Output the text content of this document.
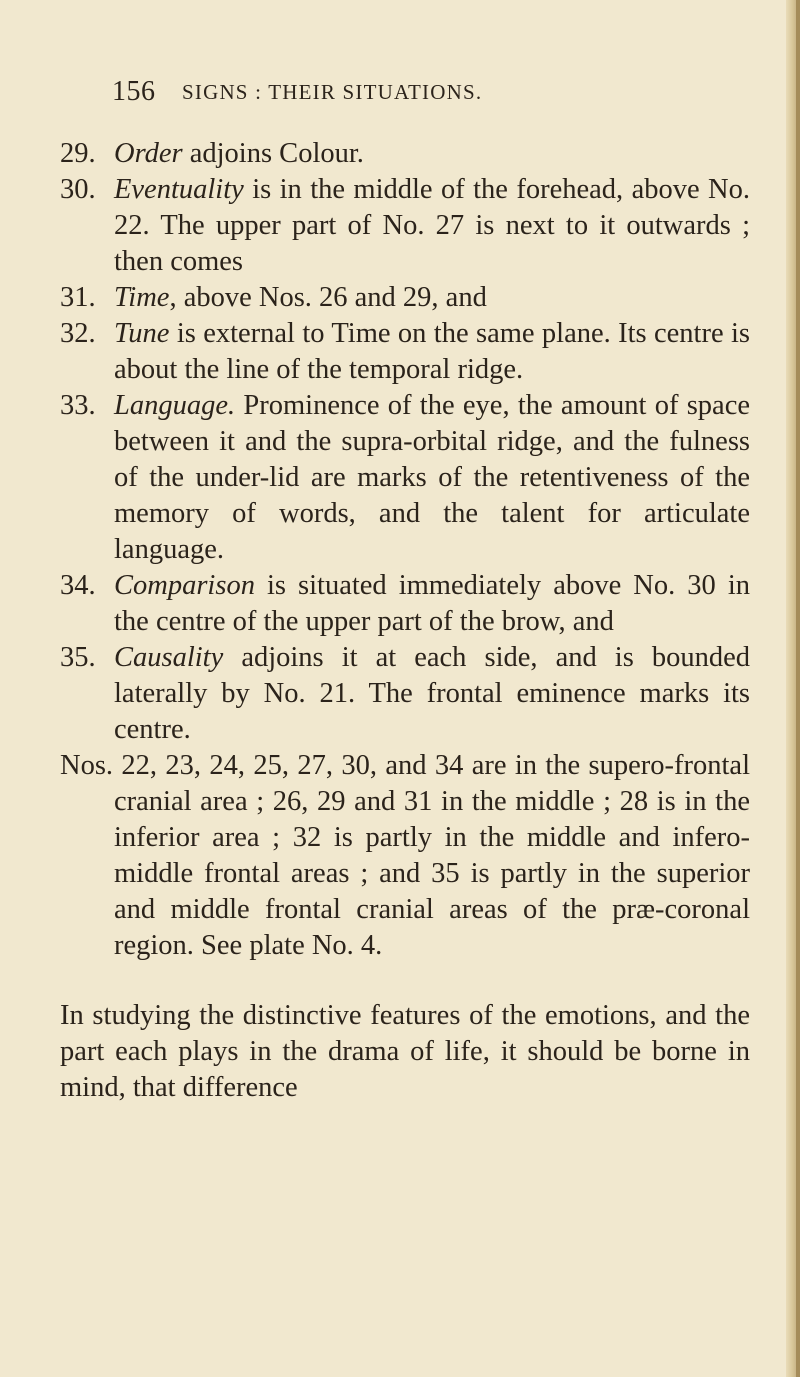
156 SIGNS : THEIR SITUATIONS.
29. Order adjoins Colour.
30. Eventuality is in the middle of the forehead, above No. 22. The upper part of No. 27 is next to it outwards ; then comes
31. Time, above Nos. 26 and 29, and
32. Tune is external to Time on the same plane. Its centre is about the line of the temporal ridge.
33. Language. Prominence of the eye, the amount of space between it and the supra-orbital ridge, and the fulness of the under-lid are marks of the retentiveness of the memory of words, and the talent for articulate language.
34. Comparison is situated immediately above No. 30 in the centre of the upper part of the brow, and
35. Causality adjoins it at each side, and is bounded laterally by No. 21. The frontal eminence marks its centre.
Nos. 22, 23, 24, 25, 27, 30, and 34 are in the supero-frontal cranial area ; 26, 29 and 31 in the middle ; 28 is in the inferior area ; 32 is partly in the middle and infero-middle frontal areas ; and 35 is partly in the superior and middle frontal cranial areas of the præ-coronal region. See plate No. 4.
In studying the distinctive features of the emotions, and the part each plays in the drama of life, it should be borne in mind, that difference
